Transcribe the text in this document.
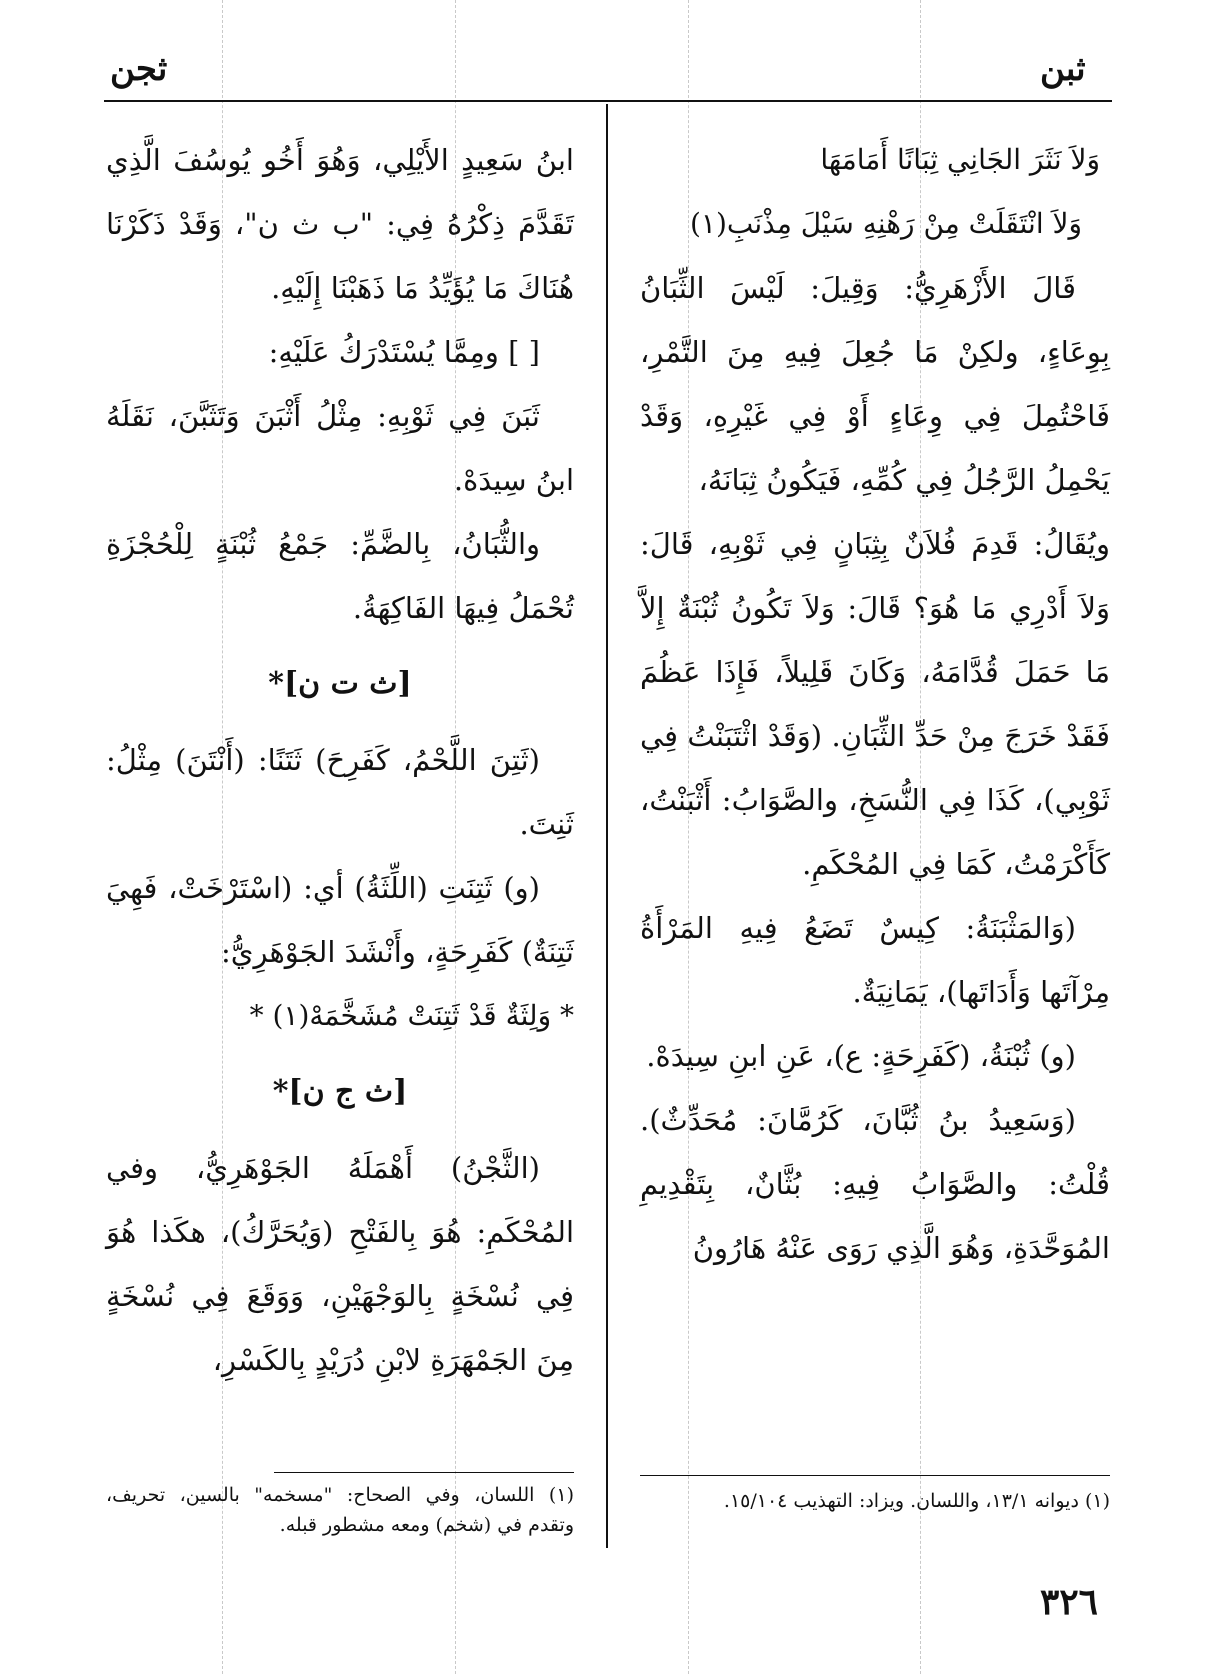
ثبن
ثجن

وَلاَ نَثَرَ الجَانِي ثِبَانًا أَمَامَهَا

وَلاَ انْتَقَلَتْ مِنْ رَهْنِهِ سَيْلَ مِذْنَبِ(١)

قَالَ الأَزْهَرِيُّ: وَقِيلَ: لَيْسَ الثِّبَانُ بِوِعَاءٍ، ولكِنْ مَا جُعِلَ فِيهِ مِنَ التَّمْرِ، فَاحْتُمِلَ فِي وِعَاءٍ أَوْ فِي غَيْرِهِ، وَقَدْ يَحْمِلُ الرَّجُلُ فِي كُمِّهِ، فَيَكُونُ ثِبَانَهُ،

ويُقَالُ: قَدِمَ فُلاَنٌ بِثِبَانٍ فِي ثَوْبِهِ، قَالَ: وَلاَ أَدْرِي مَا هُوَ؟ قَالَ: وَلاَ تَكُونُ ثُبْنَةٌ إِلاَّ مَا حَمَلَ قُدَّامَهُ، وَكَانَ قَلِيلاً، فَإِذَا عَظُمَ فَقَدْ خَرَجَ مِنْ حَدِّ الثِّبَانِ. (وَقَدْ اثْتَبَنْتُ فِي ثَوْبِي)، كَذَا فِي النُّسَخِ، والصَّوَابُ: أَثْبَنْتُ، كَأَكْرَمْتُ، كَمَا فِي المُحْكَمِ.

(وَالمَثْبَنَةُ: كِيسٌ تَضَعُ فِيهِ المَرْأَةُ مِرْآتَها وَأَدَاتَها)، يَمَانِيَةٌ.

(و) ثُبْنَةُ، (كَفَرِحَةٍ: ع)، عَنِ ابنِ سِيدَهْ.

(وَسَعِيدُ بنُ ثُبَّانَ، كَرُمَّانَ: مُحَدِّثٌ). قُلْتُ: والصَّوَابُ فِيهِ: بُثَّانٌ، بِتَقْدِيمِ المُوَحَّدَةِ، وَهُوَ الَّذِي رَوَى عَنْهُ هَارُونُ

ابنُ سَعِيدٍ الأَيْلِي، وَهُوَ أَخُو يُوسُفَ الَّذِي تَقَدَّمَ ذِكْرُهُ فِي: "ب ث ن"، وَقَدْ ذَكَرْنَا هُنَاكَ مَا يُؤَيِّدُ مَا ذَهَبْنَا إِلَيْهِ.

[ ] ومِمَّا يُسْتَدْرَكُ عَلَيْهِ:

ثَبَنَ فِي ثَوْبِهِ: مِثْلُ أَثْبَنَ وَتَثَبَّنَ، نَقَلَهُ ابنُ سِيدَهْ.

والثُّبَانُ، بِالضَّمِّ: جَمْعُ ثُبْنَةٍ لِلْحُجْزَةِ تُحْمَلُ فِيهَا الفَاكِهَةُ.

[ث ت ن]*

(ثَتِنَ اللَّحْمُ، كَفَرِحَ) ثَتَنًا: (أَنْتَنَ) مِثْلُ: ثَنِتَ.

(و) ثَتِنَتِ (اللِّثَةُ) أي: (اسْتَرْخَتْ، فَهِيَ ثَتِنَةٌ) كَفَرِحَةٍ، وأَنْشَدَ الجَوْهَرِيُّ:

* وَلِثَةٌ قَدْ ثَتِنَتْ مُشَخَّمَهْ(١) *

[ث ج ن]*

(الثَّجْنُ) أَهْمَلَهُ الجَوْهَرِيُّ، وفي المُحْكَمِ: هُوَ بِالفَتْحِ (وَيُحَرَّكُ)، هكَذا هُوَ فِي نُسْخَةٍ بِالوَجْهَيْنِ، وَوَقَعَ فِي نُسْخَةٍ مِنَ الجَمْهَرَةِ لابْنِ دُرَيْدٍ بِالكَسْرِ،

(١) ديوانه ١٣/١، واللسان. ويزاد: التهذيب ١٥/١٠٤.
(١) اللسان، وفي الصحاح: "مسخمه" بالسين، تحريف، وتقدم في (شخم) ومعه مشطور قبله.
٣٢٦
